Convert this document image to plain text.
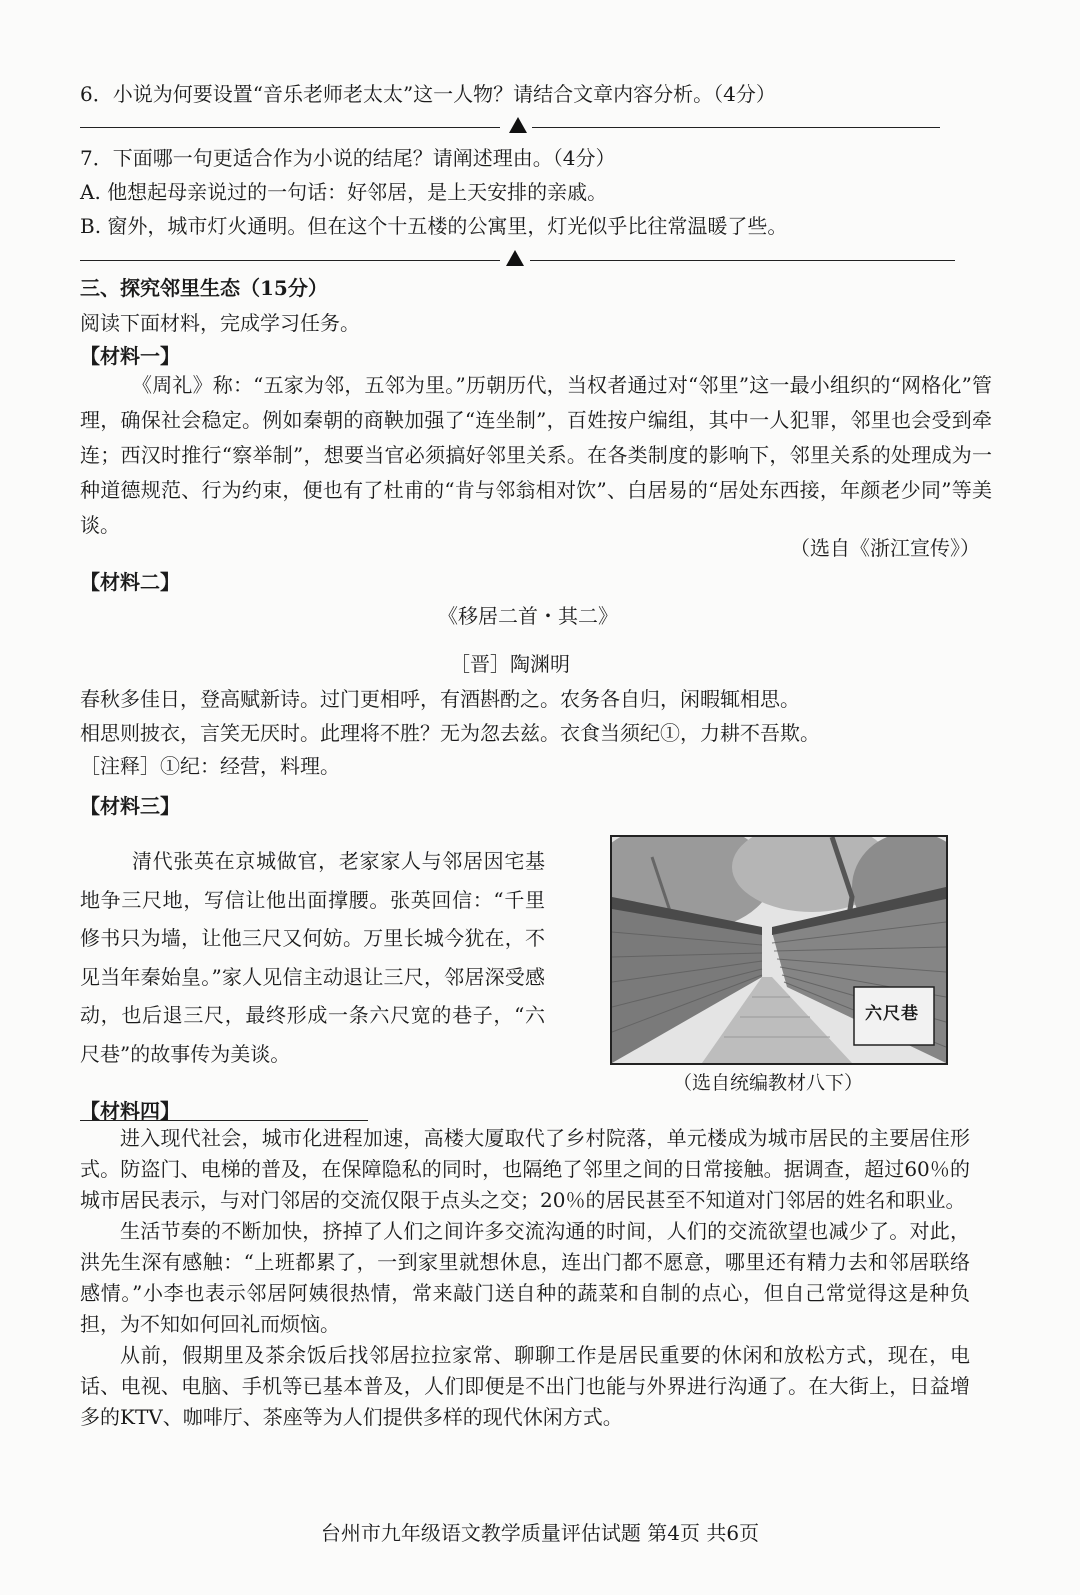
6．小说为何要设置“音乐老师老太太”这一人物？请结合文章内容分析。（4分）
7．下面哪一句更适合作为小说的结尾？请阐述理由。（4分）
A. 他想起母亲说过的一句话：好邻居，是上天安排的亲戚。
B. 窗外，城市灯火通明。但在这个十五楼的公寓里，灯光似乎比往常温暖了些。
三、探究邻里生态（15分）
阅读下面材料，完成学习任务。
【材料一】

《周礼》称：“五家为邻，五邻为里。”历朝历代，当权者通过对“邻里”这一最小组织的“网格化”管理，确保社会稳定。例如秦朝的商鞅加强了“连坐制”，百姓按户编组，其中一人犯罪，邻里也会受到牵连；西汉时推行“察举制”，想要当官必须搞好邻里关系。在各类制度的影响下，邻里关系的处理成为一种道德规范、行为约束，便也有了杜甫的“肯与邻翁相对饮”、白居易的“居处东西接，年颜老少同”等美谈。

（选自《浙江宣传》）
【材料二】
《移居二首・其二》
［晋］陶渊明
春秋多佳日，登高赋新诗。过门更相呼，有酒斟酌之。农务各自归，闲暇辄相思。
相思则披衣，言笑无厌时。此理将不胜？无为忽去兹。衣食当须纪①，力耕不吾欺。
［注释］①纪：经营，料理。
【材料三】

清代张英在京城做官，老家家人与邻居因宅基地争三尺地，写信让他出面撑腰。张英回信：“千里修书只为墙，让他三尺又何妨。万里长城今犹在，不见当年秦始皇。”家人见信主动退让三尺，邻居深受感动，也后退三尺，最终形成一条六尺宽的巷子，“六尺巷”的故事传为美谈。

六尺巷
（选自统编教材八下）
【材料四】

进入现代社会，城市化进程加速，高楼大厦取代了乡村院落，单元楼成为城市居民的主要居住形式。防盗门、电梯的普及，在保障隐私的同时，也隔绝了邻里之间的日常接触。据调查，超过60％的城市居民表示，与对门邻居的交流仅限于点头之交；20％的居民甚至不知道对门邻居的姓名和职业。

生活节奏的不断加快，挤掉了人们之间许多交流沟通的时间，人们的交流欲望也减少了。对此，洪先生深有感触：“上班都累了，一到家里就想休息，连出门都不愿意，哪里还有精力去和邻居联络感情。”小李也表示邻居阿姨很热情，常来敲门送自种的蔬菜和自制的点心，但自己常觉得这是种负担，为不知如何回礼而烦恼。

从前，假期里及茶余饭后找邻居拉拉家常、聊聊工作是居民重要的休闲和放松方式，现在，电话、电视、电脑、手机等已基本普及，人们即便是不出门也能与外界进行沟通了。在大街上，日益增多的KTV、咖啡厅、茶座等为人们提供多样的现代休闲方式。

台州市九年级语文教学质量评估试题 第4页 共6页
